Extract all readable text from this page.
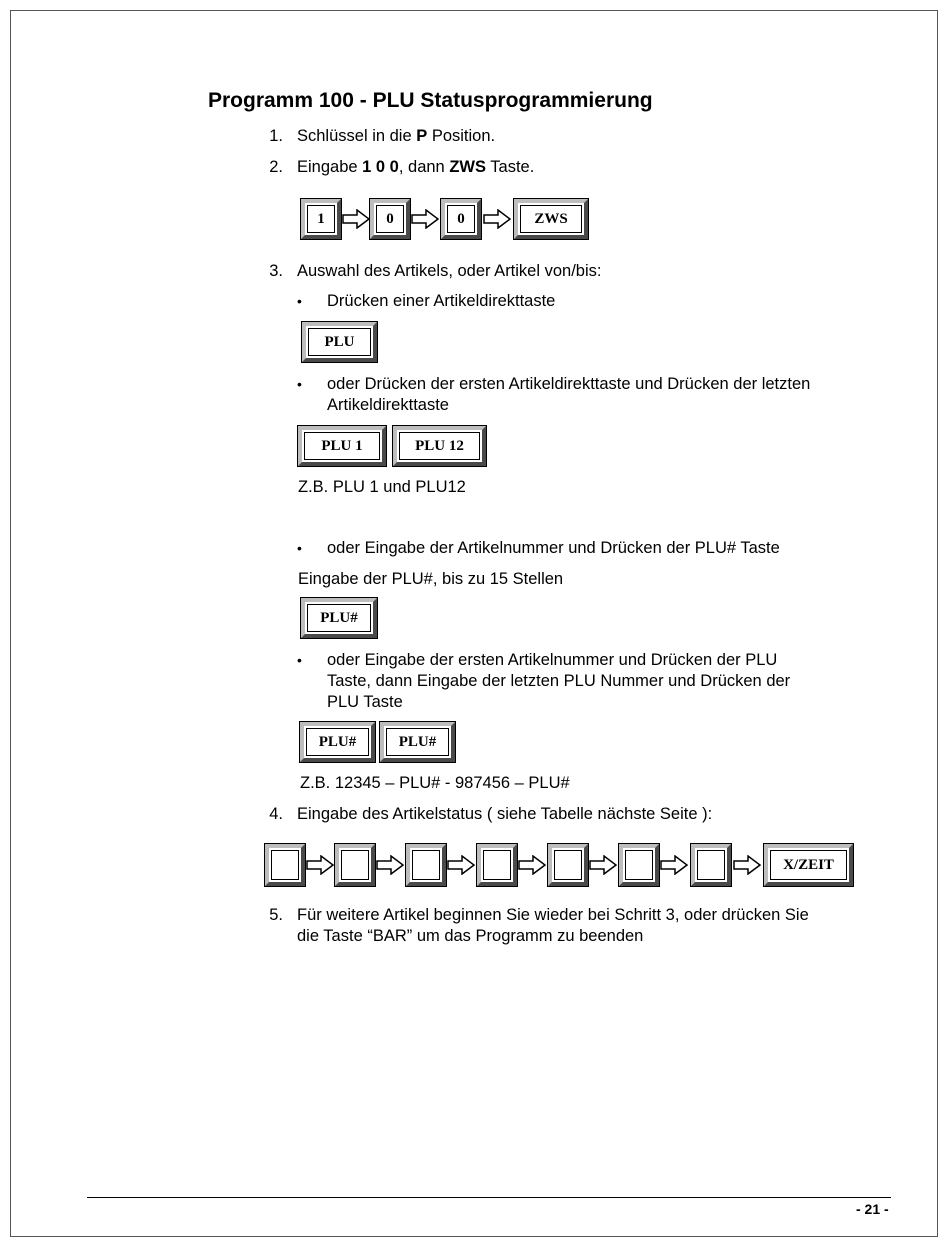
Programm 100 - PLU Statusprogrammierung
1. Schlüssel in die P Position.
2. Eingabe 1 0 0, dann ZWS Taste.
1	0	0	ZWS
3. Auswahl des Artikels, oder Artikel von/bis:
• Drücken einer Artikeldirekttaste
PLU
• oder Drücken der ersten Artikeldirekttaste und Drücken der letzten
Artikeldirekttaste
PLU 1	PLU 12
Z.B. PLU 1 und PLU12
• oder Eingabe der Artikelnummer und Drücken der PLU# Taste
Eingabe der PLU#, bis zu 15 Stellen
PLU#
• oder Eingabe der ersten Artikelnummer und Drücken der PLU
Taste, dann Eingabe der letzten PLU Nummer und Drücken der
PLU Taste
PLU#	PLU#
Z.B. 12345 – PLU# - 987456 – PLU#
4. Eingabe des Artikelstatus ( siehe Tabelle nächste Seite ):
X/ZEIT
5. Für weitere Artikel beginnen Sie wieder bei Schritt 3, oder drücken Sie
die Taste “BAR” um das Programm zu beenden
- 21 -
